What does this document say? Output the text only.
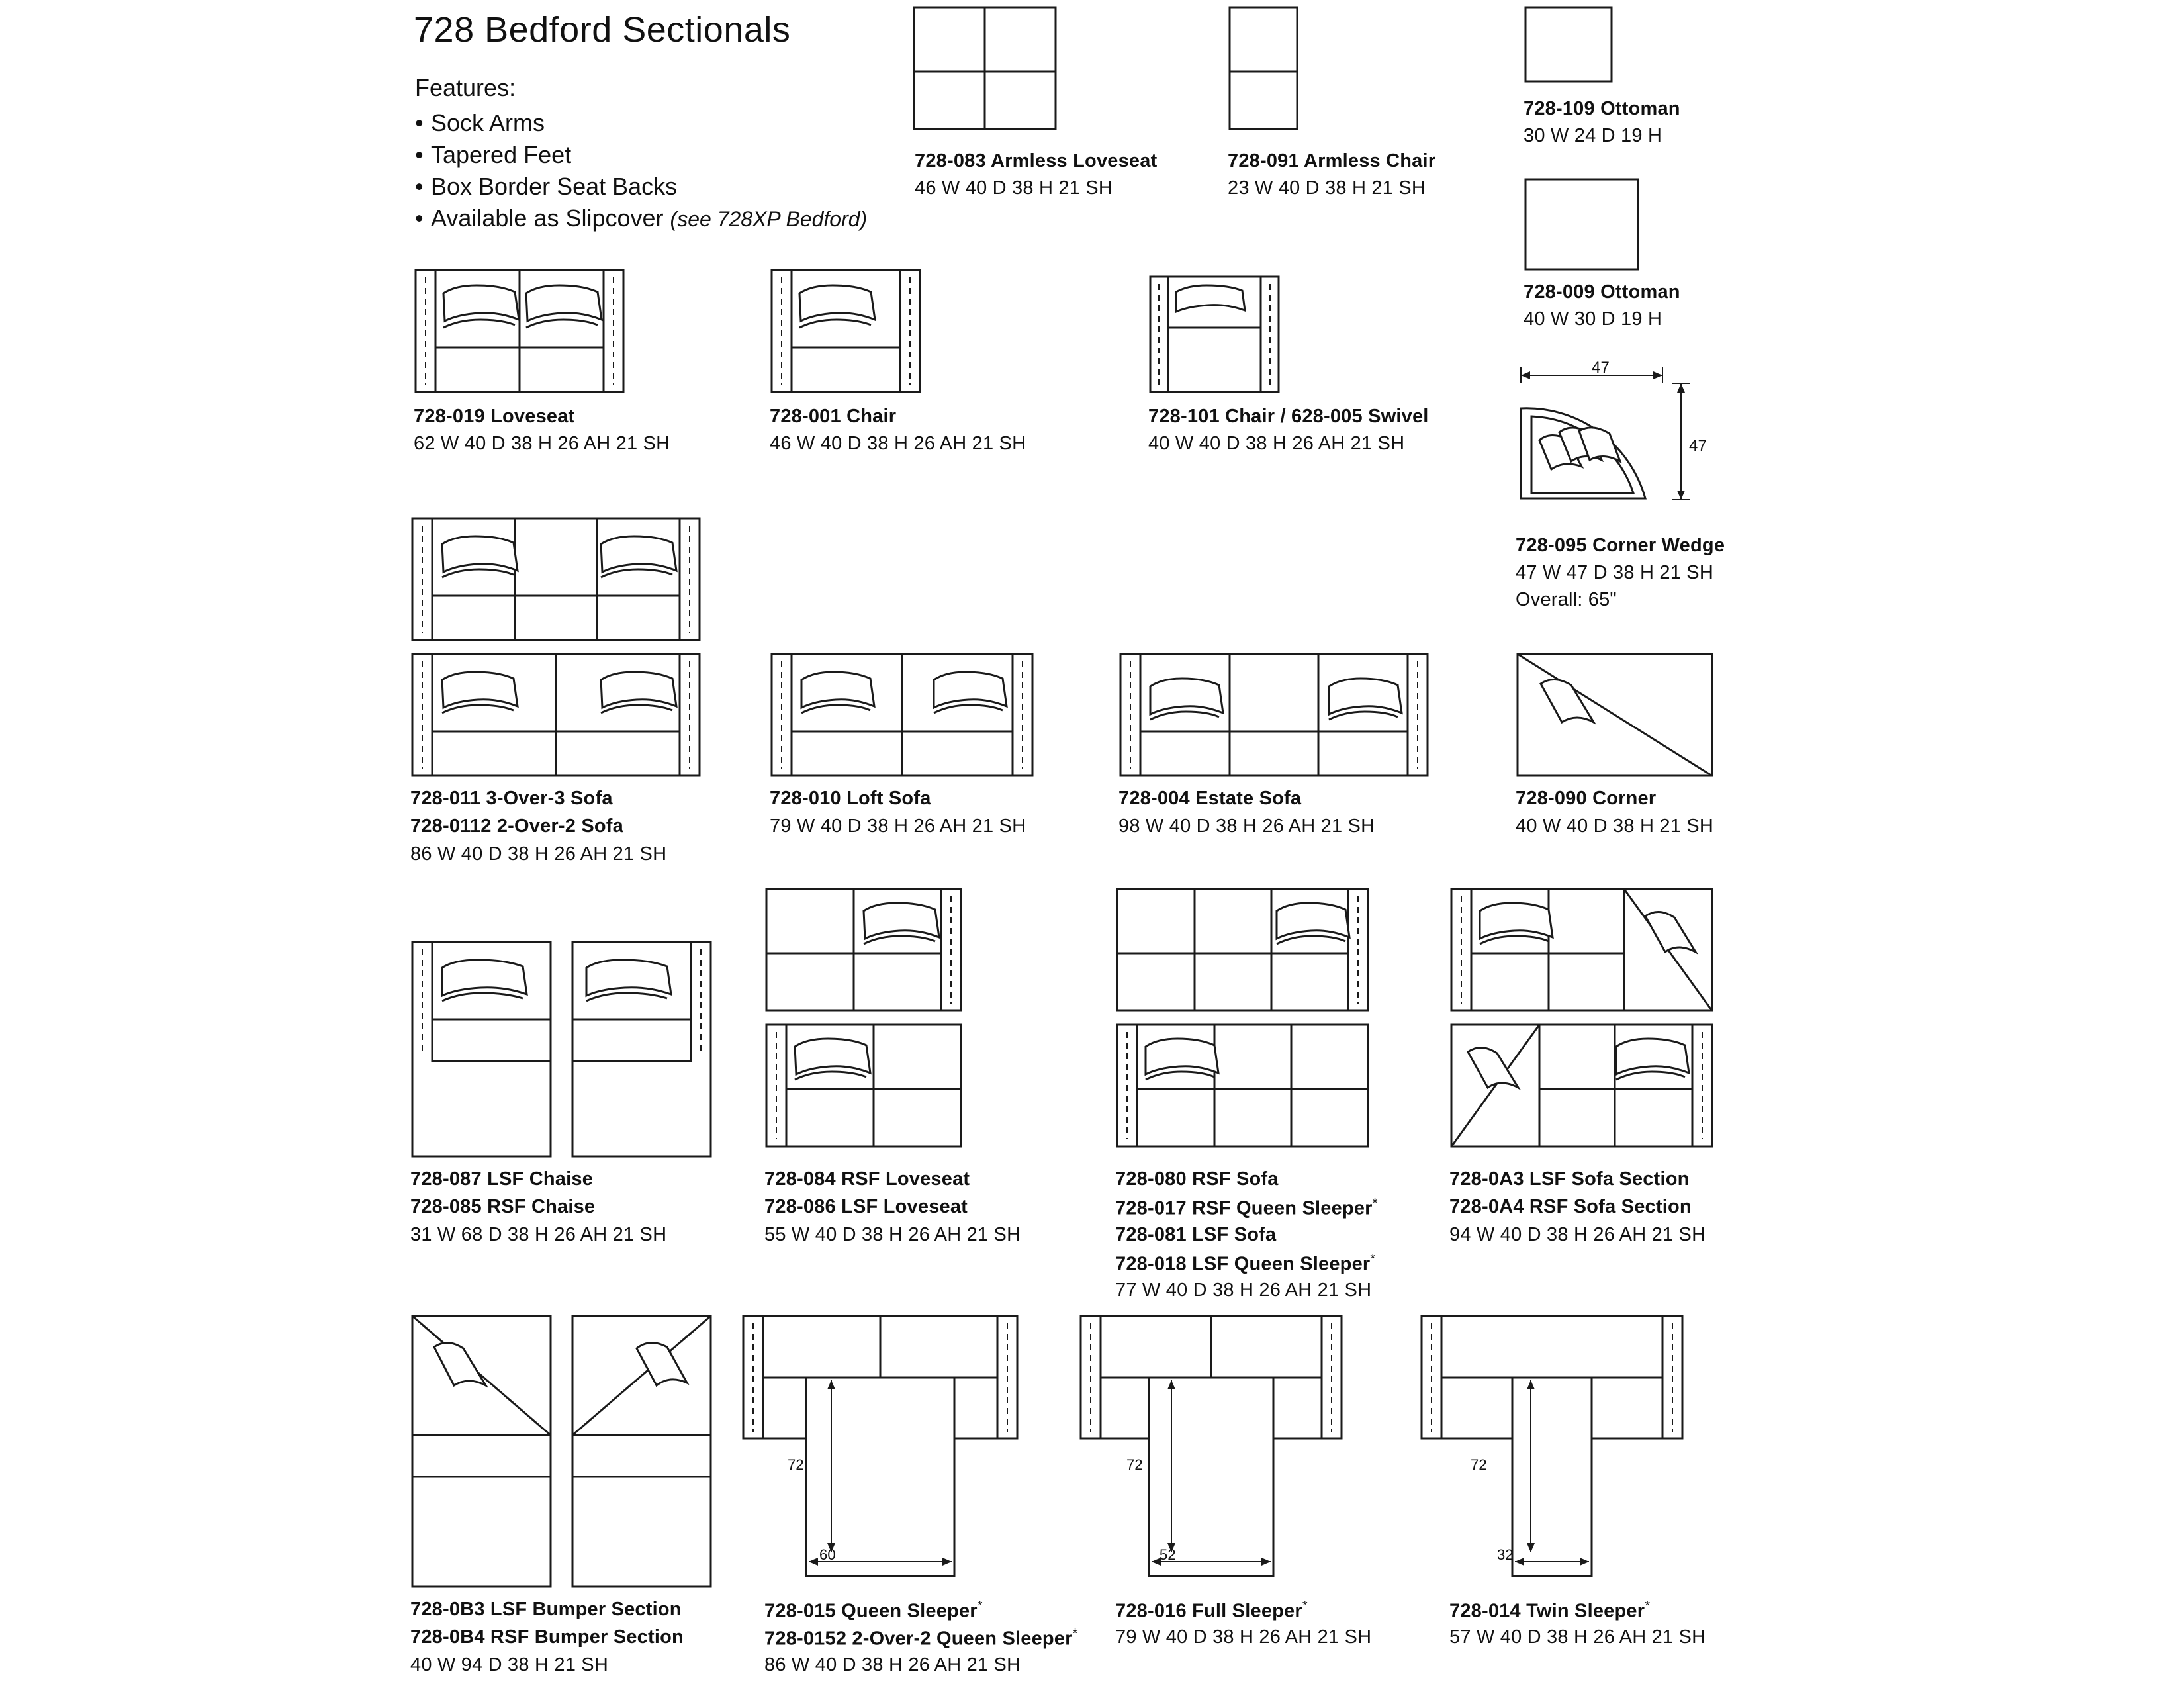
728 Bedford Sectionals
Features:
• Sock Arms
• Tapered Feet
• Box Border Seat Backs
• Available as Slipcover (see 728XP Bedford)
728-083 Armless Loveseat
46 W 40 D 38 H 21 SH
728-091 Armless Chair
23 W 40 D 38 H 21 SH
728-109 Ottoman
30 W 24 D 19 H
728-009 Ottoman
40 W 30 D 19 H
728-019 Loveseat
62 W 40 D 38 H 26 AH 21 SH
728-001 Chair
46 W 40 D 38 H 26 AH 21 SH
728-101 Chair / 628-005 Swivel
40 W 40 D 38 H 26 AH 21 SH
47
47
728-095 Corner Wedge
47 W 47 D 38 H 21 SH
Overall: 65"
728-011 3-Over-3 Sofa
728-0112 2-Over-2 Sofa
86 W 40 D 38 H 26 AH 21 SH
728-010 Loft Sofa
79 W 40 D 38 H 26 AH 21 SH
728-004 Estate Sofa
98 W 40 D 38 H 26 AH 21 SH
728-090 Corner
40 W 40 D 38 H 21 SH
728-087 LSF Chaise
728-085 RSF Chaise
31 W 68 D 38 H 26 AH 21 SH
728-084 RSF Loveseat
728-086 LSF Loveseat
55 W 40 D 38 H 26 AH 21 SH
728-080 RSF Sofa
728-017 RSF Queen Sleeper*
728-081 LSF Sofa
728-018 LSF Queen Sleeper*
77 W 40 D 38 H 26 AH 21 SH
728-0A3 LSF Sofa Section
728-0A4 RSF Sofa Section
94 W 40 D 38 H 26 AH 21 SH
728-0B3 LSF Bumper Section
728-0B4 RSF Bumper Section
40 W 94 D 38 H 21 SH
72
60
728-015 Queen Sleeper*
728-0152 2-Over-2 Queen Sleeper*
86 W 40 D 38 H 26 AH 21 SH
72
52
728-016 Full Sleeper*
79 W 40 D 38 H 26 AH 21 SH
72
32
728-014 Twin Sleeper*
57 W 40 D 38 H 26 AH 21 SH
